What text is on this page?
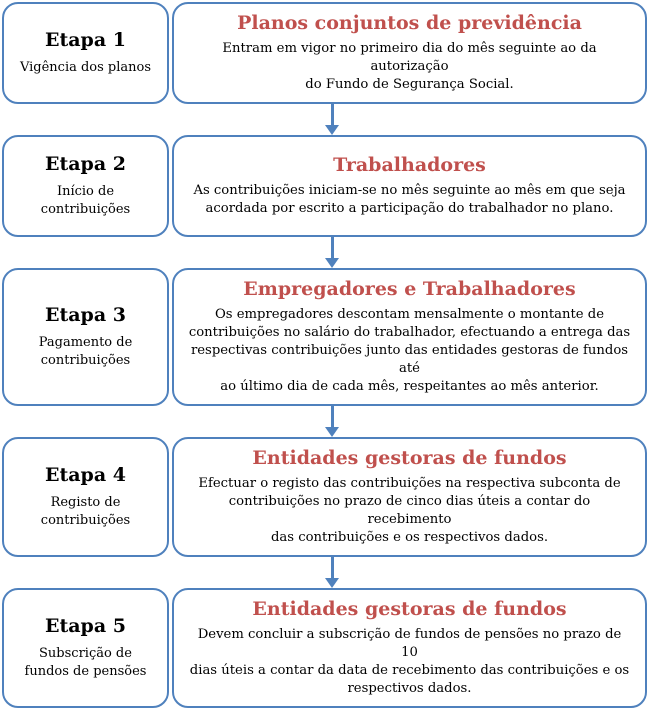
Etapa 1
Vigência dos planos
Planos conjuntos de previdência
Entram em vigor no primeiro dia do mês seguinte ao da autorização
do Fundo de Segurança Social.
Etapa 2
Início de
contribuições
Trabalhadores
As contribuições iniciam-se no mês seguinte ao mês em que seja
acordada por escrito a participação do trabalhador no plano.
Etapa 3
Pagamento de
contribuições
Empregadores e Trabalhadores
Os empregadores descontam mensalmente o montante de
contribuições no salário do trabalhador, efectuando a entrega das
respectivas contribuições junto das entidades gestoras de fundos até
ao último dia de cada mês, respeitantes ao mês anterior.
Etapa 4
Registo de
contribuições
Entidades gestoras de fundos
Efectuar o registo das contribuições na respectiva subconta de
contribuições no prazo de cinco dias úteis a contar do recebimento
das contribuições e os respectivos dados.
Etapa 5
Subscrição de
fundos de pensões
Entidades gestoras de fundos
Devem concluir a subscrição de fundos de pensões no prazo de 10
dias úteis a contar da data de recebimento das contribuições e os
respectivos dados.
